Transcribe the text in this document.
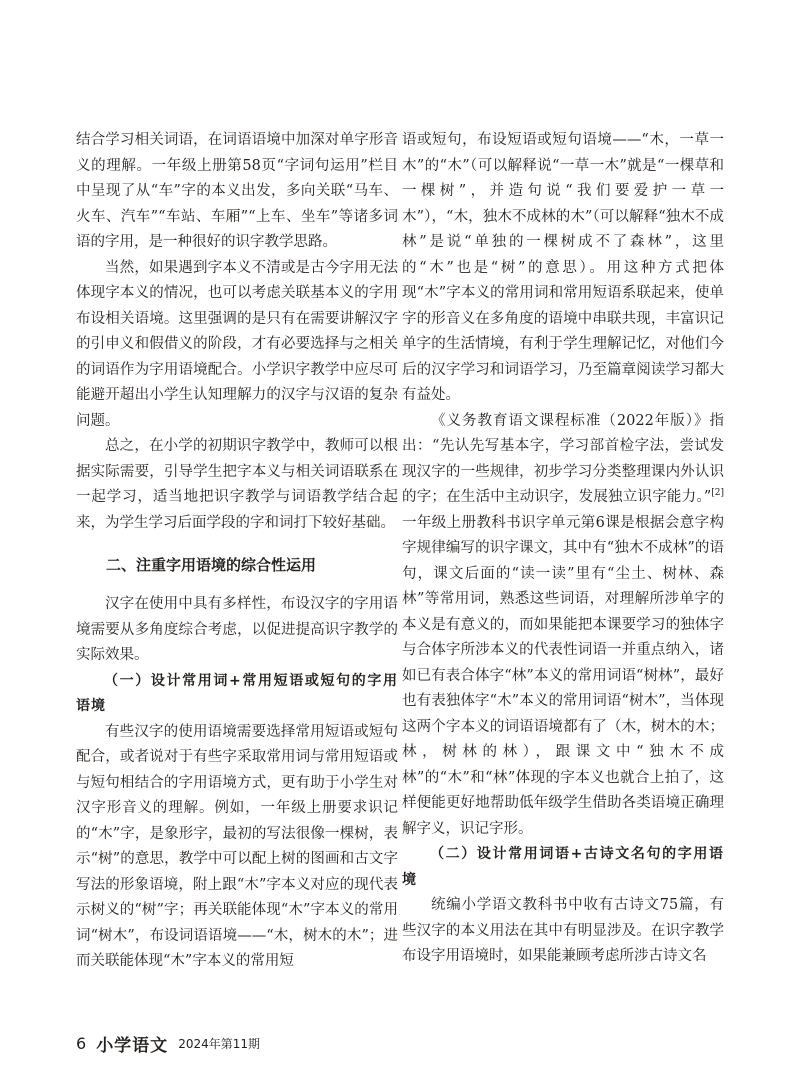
结合学习相关词语，在词语语境中加深对单字形音义的理解。一年级上册第58页“字词句运用”栏目中呈现了从“车”字的本义出发，多向关联“马车、火车、汽车”“车站、车厢”“上车、坐车”等诸多词语的字用，是一种很好的识字教学思路。

当然，如果遇到字本义不清或是古今字用无法体现字本义的情况，也可以考虑关联基本义的字用布设相关语境。这里强调的是只有在需要讲解汉字的引申义和假借义的阶段，才有必要选择与之相关的词语作为字用语境配合。小学识字教学中应尽可能避开超出小学生认知理解力的汉字与汉语的复杂问题。

总之，在小学的初期识字教学中，教师可以根据实际需要，引导学生把字本义与相关词语联系在一起学习，适当地把识字教学与词语教学结合起来，为学生学习后面学段的字和词打下较好基础。

二、注重字用语境的综合性运用

汉字在使用中具有多样性，布设汉字的字用语境需要从多角度综合考虑，以促进提高识字教学的实际效果。

（一）设计常用词+常用短语或短句的字用语境

有些汉字的使用语境需要选择常用短语或短句配合，或者说对于有些字采取常用词与常用短语或与短句相结合的字用语境方式，更有助于小学生对汉字形音义的理解。例如，一年级上册要求识记的“木”字，是象形字，最初的写法很像一棵树，表示“树”的意思，教学中可以配上树的图画和古文字写法的形象语境，附上跟“木”字本义对应的现代表示树义的“树”字；再关联能体现“木”字本义的常用词“树木”，布设词语语境——“木，树木的木”；进而关联能体现“木”字本义的常用短

语或短句，布设短语或短句语境——“木，一草一木”的“木”（可以解释说“一草一木”就是“一棵草和一棵树”，并造句说“我们要爱护一草一木”），“木，独木不成林的木”（可以解释“独木不成林”是说“单独的一棵树成不了森林”，这里的“木”也是“树”的意思）。用这种方式把体现“木”字本义的常用词和常用短语系联起来，使单字的形音义在多角度的语境中串联共现，丰富识记单字的生活情境，有利于学生理解记忆，对他们今后的汉字学习和词语学习，乃至篇章阅读学习都大有益处。

《义务教育语文课程标准（2022年版）》指出：“先认先写基本字，学习部首检字法，尝试发现汉字的一些规律，初步学习分类整理课内外认识的字；在生活中主动识字，发展独立识字能力。”[2]一年级上册教科书识字单元第6课是根据会意字构字规律编写的识字课文，其中有“独木不成林”的语句，课文后面的“读一读”里有“尘土、树林、森林”等常用词，熟悉这些词语，对理解所涉单字的本义是有意义的，而如果能把本课要学习的独体字与合体字所涉本义的代表性词语一并重点纳入，诸如已有表合体字“林”本义的常用词语“树林”，最好也有表独体字“木”本义的常用词语“树木”，当体现这两个字本义的词语语境都有了（木，树木的木；林，树林的林），跟课文中“独木不成林”的“木”和“林”体现的字本义也就合上拍了，这样便能更好地帮助低年级学生借助各类语境正确理解字义，识记字形。

（二）设计常用词语+古诗文名句的字用语境

统编小学语文教科书中收有古诗文75篇，有些汉字的本义用法在其中有明显涉及。在识字教学布设字用语境时，如果能兼顾考虑所涉古诗文名

6 小学语文 2024年第11期
